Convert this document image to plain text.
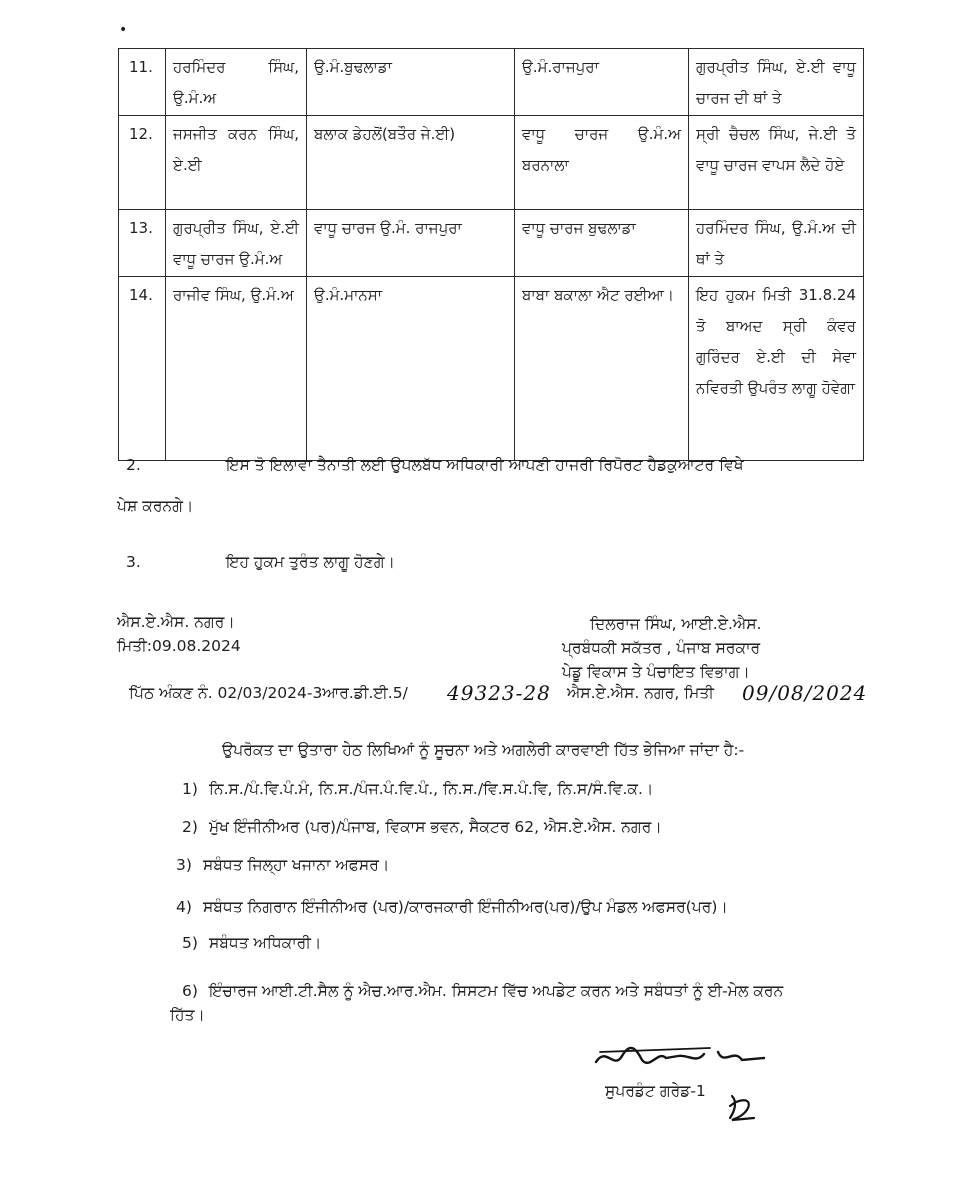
•
11.	ਹਰਮਿੰਦਰ ਸਿੰਘ, ਉ.ਮੰ.ਅ	ਉ.ਮੰ.ਬੁਢਲਾਡਾ	ਉ.ਮੰ.ਰਾਜਪੁਰਾ	ਗੁਰਪ੍ਰੀਤ ਸਿੰਘ, ਏ.ਈ ਵਾਧੂ ਚਾਰਜ ਦੀ ਥਾਂ ਤੇ
12.	ਜਸਜੀਤ ਕਰਨ ਸਿੰਘ, ਏ.ਈ	ਬਲਾਕ ਡੇਹਲੋਂ(ਬਤੌਰ ਜੇ.ਈ)	ਵਾਧੂ ਚਾਰਜ ਉ.ਮੰ.ਅ ਬਰਨਾਲਾ	ਸ੍ਰੀ ਚੈਚਲ ਸਿੰਘ, ਜੇ.ਈ ਤੋ ਵਾਧੂ ਚਾਰਜ ਵਾਪਸ ਲੈਦੇ ਹੋਏ
13.	ਗੁਰਪ੍ਰੀਤ ਸਿੰਘ, ਏ.ਈ ਵਾਧੂ ਚਾਰਜ ਉ.ਮੰ.ਅ	ਵਾਧੂ ਚਾਰਜ ਉ.ਮੰ. ਰਾਜਪੁਰਾ	ਵਾਧੂ ਚਾਰਜ ਬੁਢਲਾਡਾ	ਹਰਮਿੰਦਰ ਸਿੰਘ, ਉ.ਮੰ.ਅ ਦੀ ਥਾਂ ਤੇ
14.	ਰਾਜੀਵ ਸਿੰਘ, ਉ.ਮੰ.ਅ	ਉ.ਮੰ.ਮਾਨਸਾ	ਬਾਬਾ ਬਕਾਲਾ ਐਟ ਰਈਆ।	ਇਹ ਹੁਕਮ ਮਿਤੀ 31.8.24 ਤੋ ਬਾਅਦ ਸ੍ਰੀ ਕੰਵਰ ਗੁਰਿੰਦਰ ਏ.ਈ ਦੀ ਸੇਵਾ ਨਵਿਰਤੀ ਉਪਰੰਤ ਲਾਗੂ ਹੋਵੇਗਾ
2.	ਇਸ ਤੋ ਇਲਾਵਾ ਤੈਨਾਤੀ ਲਈ ਉਪਲਬੱਧ ਅਧਿਕਾਰੀ ਆਪਣੀ ਹਾਜਰੀ ਰਿਪੋਰਟ ਹੈਡਕੁਆਟਰ ਵਿਖੇ
ਪੇਸ਼ ਕਰਨਗੇ।
3.	ਇਹ ਹੁਕਮ ਤੁਰੰਤ ਲਾਗੂ ਹੋਣਗੇ।
ਐਸ.ਏ.ਐਸ. ਨਗਰ।
ਮਿਤੀ:09.08.2024
ਦਿਲਰਾਜ ਸਿੰਘ, ਆਈ.ਏ.ਐਸ.
ਪ੍ਰਬੰਧਕੀ ਸਕੱਤਰ , ਪੰਜਾਬ ਸਰਕਾਰ
ਪੇਡੂ ਵਿਕਾਸ ਤੇ ਪੰਚਾਇਤ ਵਿਭਾਗ।
ਪਿੱਠ ਅੰਕਣ ਨੰ. 02/03/2024-3ਆਰ.ਡੀ.ਈ.5/ 49323-28 ਐਸ.ਏ.ਐਸ. ਨਗਰ, ਮਿਤੀ 09/08/2024
ਉਪਰੋਕਤ ਦਾ ਉਤਾਰਾ ਹੇਠ ਲਿਖਿਆਂ ਨੂੰ ਸੂਚਨਾ ਅਤੇ ਅਗਲੇਰੀ ਕਾਰਵਾਈ ਹਿੱਤ ਭੇਜਿਆ ਜਾਂਦਾ ਹੈ:-
1) ਨਿ.ਸ./ਪੰ.ਵਿ.ਪੰ.ਮੰ, ਨਿ.ਸ./ਪੰਜ.ਪੰ.ਵਿ.ਪੰ., ਨਿ.ਸ./ਵਿ.ਸ.ਪੰ.ਵਿ, ਨਿ.ਸ/ਸੰ.ਵਿ.ਕ.।
2) ਮੁੱਖ ਇੰਜੀਨੀਅਰ (ਪਰ)/ਪੰਜਾਬ, ਵਿਕਾਸ ਭਵਨ, ਸੈਕਟਰ 62, ਐਸ.ਏ.ਐਸ. ਨਗਰ।
3) ਸਬੰਧਤ ਜਿਲ੍ਹਾ ਖਜਾਨਾ ਅਫਸਰ।
4) ਸਬੰਧਤ ਨਿਗਰਾਨ ਇੰਜੀਨੀਅਰ (ਪਰ)/ਕਾਰਜਕਾਰੀ ਇੰਜੀਨੀਅਰ(ਪਰ)/ਉਪ ਮੰਡਲ ਅਫਸਰ(ਪਰ)।
5) ਸਬੰਧਤ ਅਧਿਕਾਰੀ।
6) ਇੰਚਾਰਜ ਆਈ.ਟੀ.ਸੈਲ ਨੂੰ ਐਚ.ਆਰ.ਐਮ. ਸਿਸਟਮ ਵਿੱਚ ਅਪਡੇਟ ਕਰਨ ਅਤੇ ਸਬੰਧਤਾਂ ਨੂੰ ਈ-ਮੇਲ ਕਰਨ
ਹਿੱਤ।
ਸੁਪਰਡੰਟ ਗਰੇਡ-1
